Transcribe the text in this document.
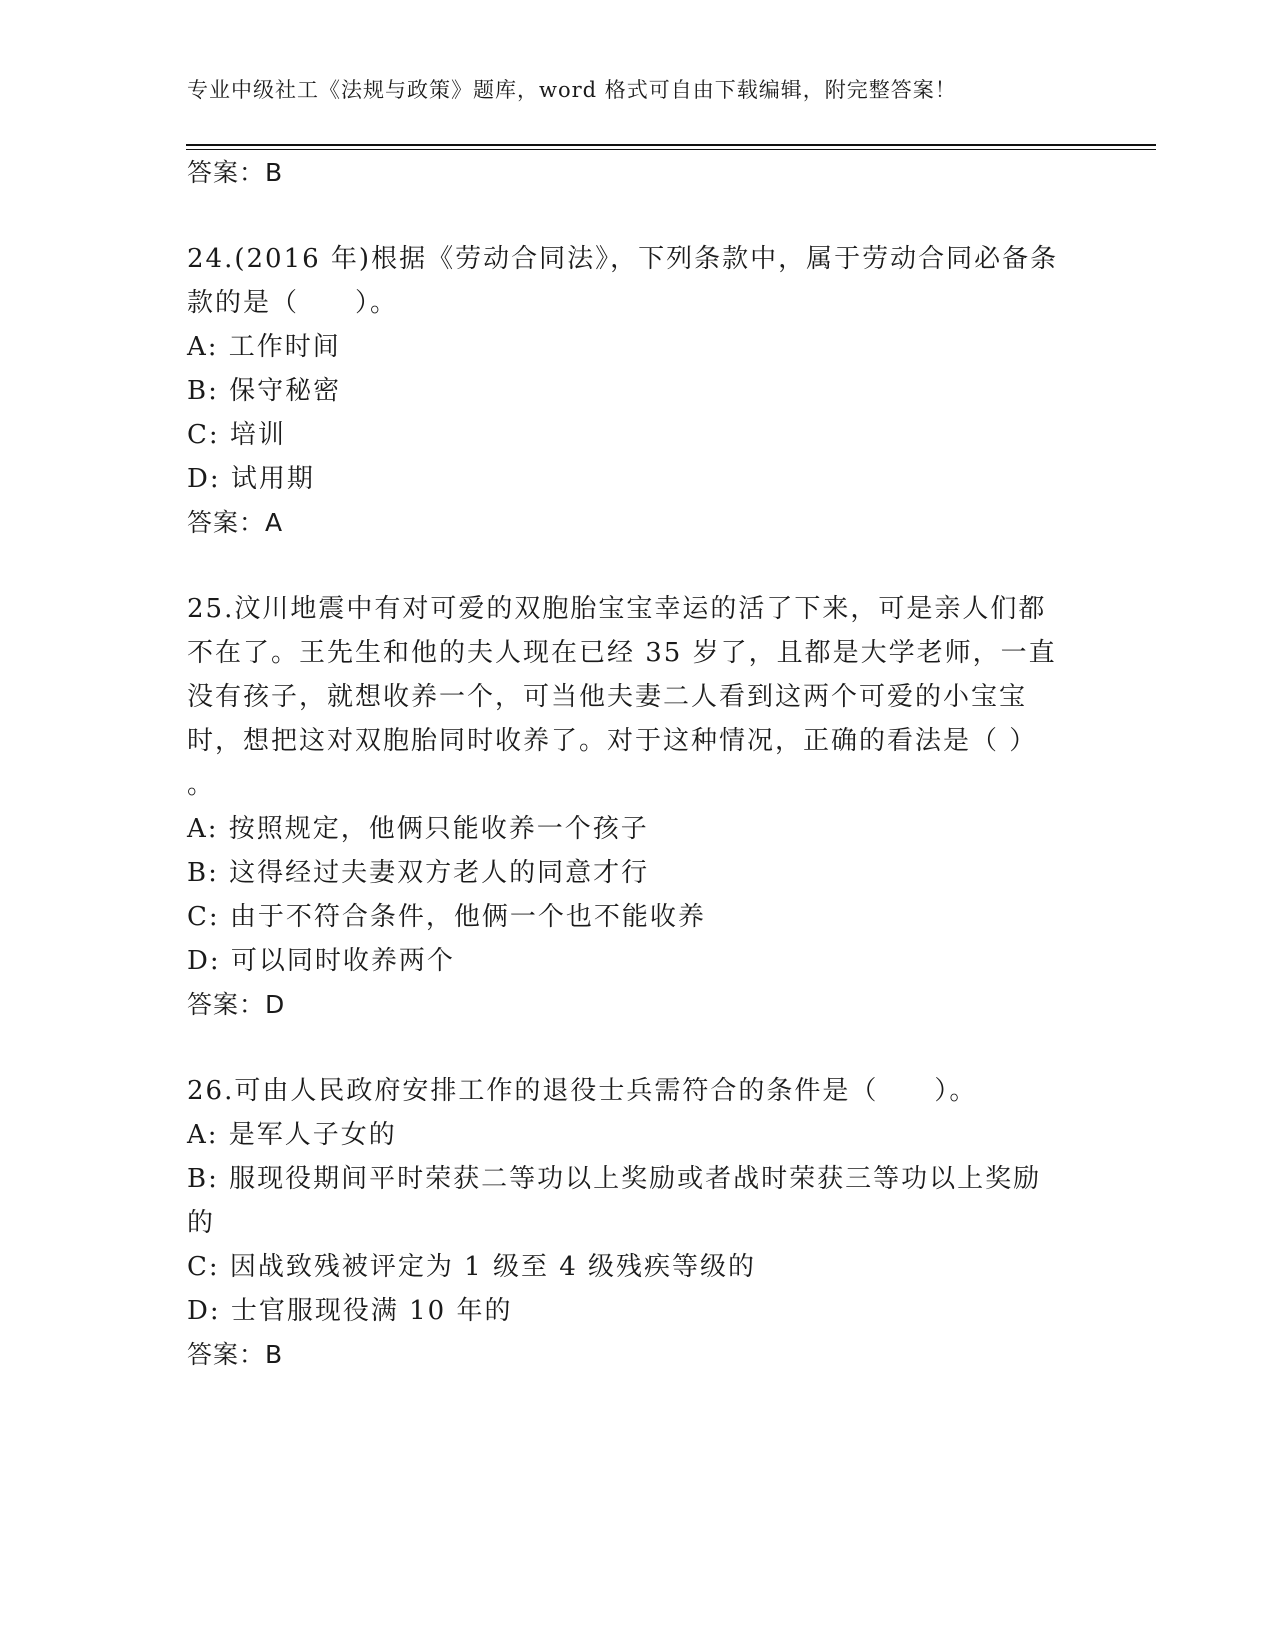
专业中级社工《法规与政策》题库，word 格式可自由下载编辑，附完整答案！
答案：B
24.(2016 年)根据《劳动合同法》，下列条款中，属于劳动合同必备条
款的是（　　）。
A: 工作时间
B: 保守秘密
C: 培训
D: 试用期
答案：A
25.汶川地震中有对可爱的双胞胎宝宝幸运的活了下来，可是亲人们都
不在了。王先生和他的夫人现在已经 35 岁了，且都是大学老师，一直
没有孩子，就想收养一个，可当他夫妻二人看到这两个可爱的小宝宝
时，想把这对双胞胎同时收养了。对于这种情况，正确的看法是（ ）
。
A: 按照规定，他俩只能收养一个孩子
B: 这得经过夫妻双方老人的同意才行
C: 由于不符合条件，他俩一个也不能收养
D: 可以同时收养两个
答案：D
26.可由人民政府安排工作的退役士兵需符合的条件是（　　）。
A: 是军人子女的
B: 服现役期间平时荣获二等功以上奖励或者战时荣获三等功以上奖励
的
C: 因战致残被评定为 1 级至 4 级残疾等级的
D: 士官服现役满 10 年的
答案：B
